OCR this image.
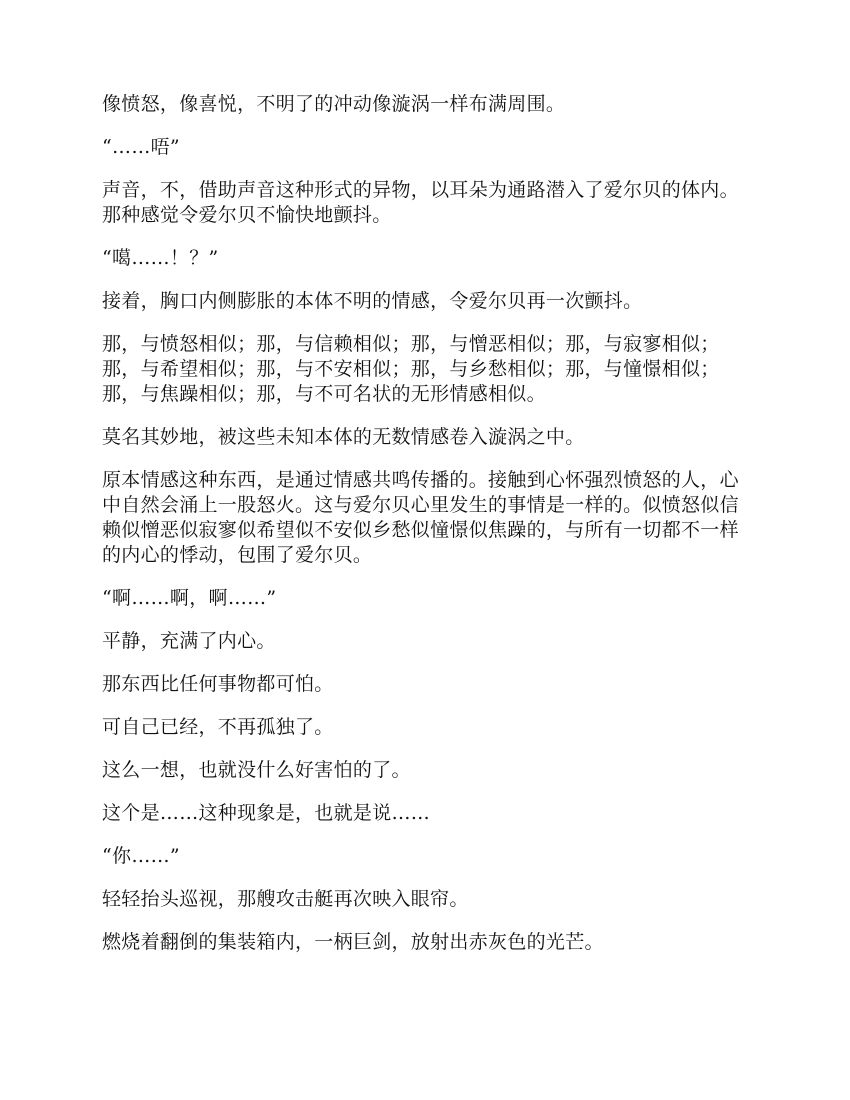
像愤怒，像喜悦，不明了的冲动像漩涡一样布满周围。

“……唔”

声音，不，借助声音这种形式的异物，以耳朵为通路潜入了爱尔贝的体内。那种感觉令爱尔贝不愉快地颤抖。

“噶……！？”

接着，胸口内侧膨胀的本体不明的情感，令爱尔贝再一次颤抖。

那，与愤怒相似；那，与信赖相似；那，与憎恶相似；那，与寂寥相似；那，与希望相似；那，与不安相似；那，与乡愁相似；那，与憧憬相似；那，与焦躁相似；那，与不可名状的无形情感相似。

莫名其妙地，被这些未知本体的无数情感卷入漩涡之中。

原本情感这种东西，是通过情感共鸣传播的。接触到心怀强烈愤怒的人，心中自然会涌上一股怒火。这与爱尔贝心里发生的事情是一样的。似愤怒似信赖似憎恶似寂寥似希望似不安似乡愁似憧憬似焦躁的，与所有一切都不一样的内心的悸动，包围了爱尔贝。

“啊……啊，啊……”

平静，充满了内心。

那东西比任何事物都可怕。

可自己已经，不再孤独了。

这么一想，也就没什么好害怕的了。

这个是……这种现象是，也就是说……

“你……”

轻轻抬头巡视，那艘攻击艇再次映入眼帘。

燃烧着翻倒的集装箱内，一柄巨剑，放射出赤灰色的光芒。
